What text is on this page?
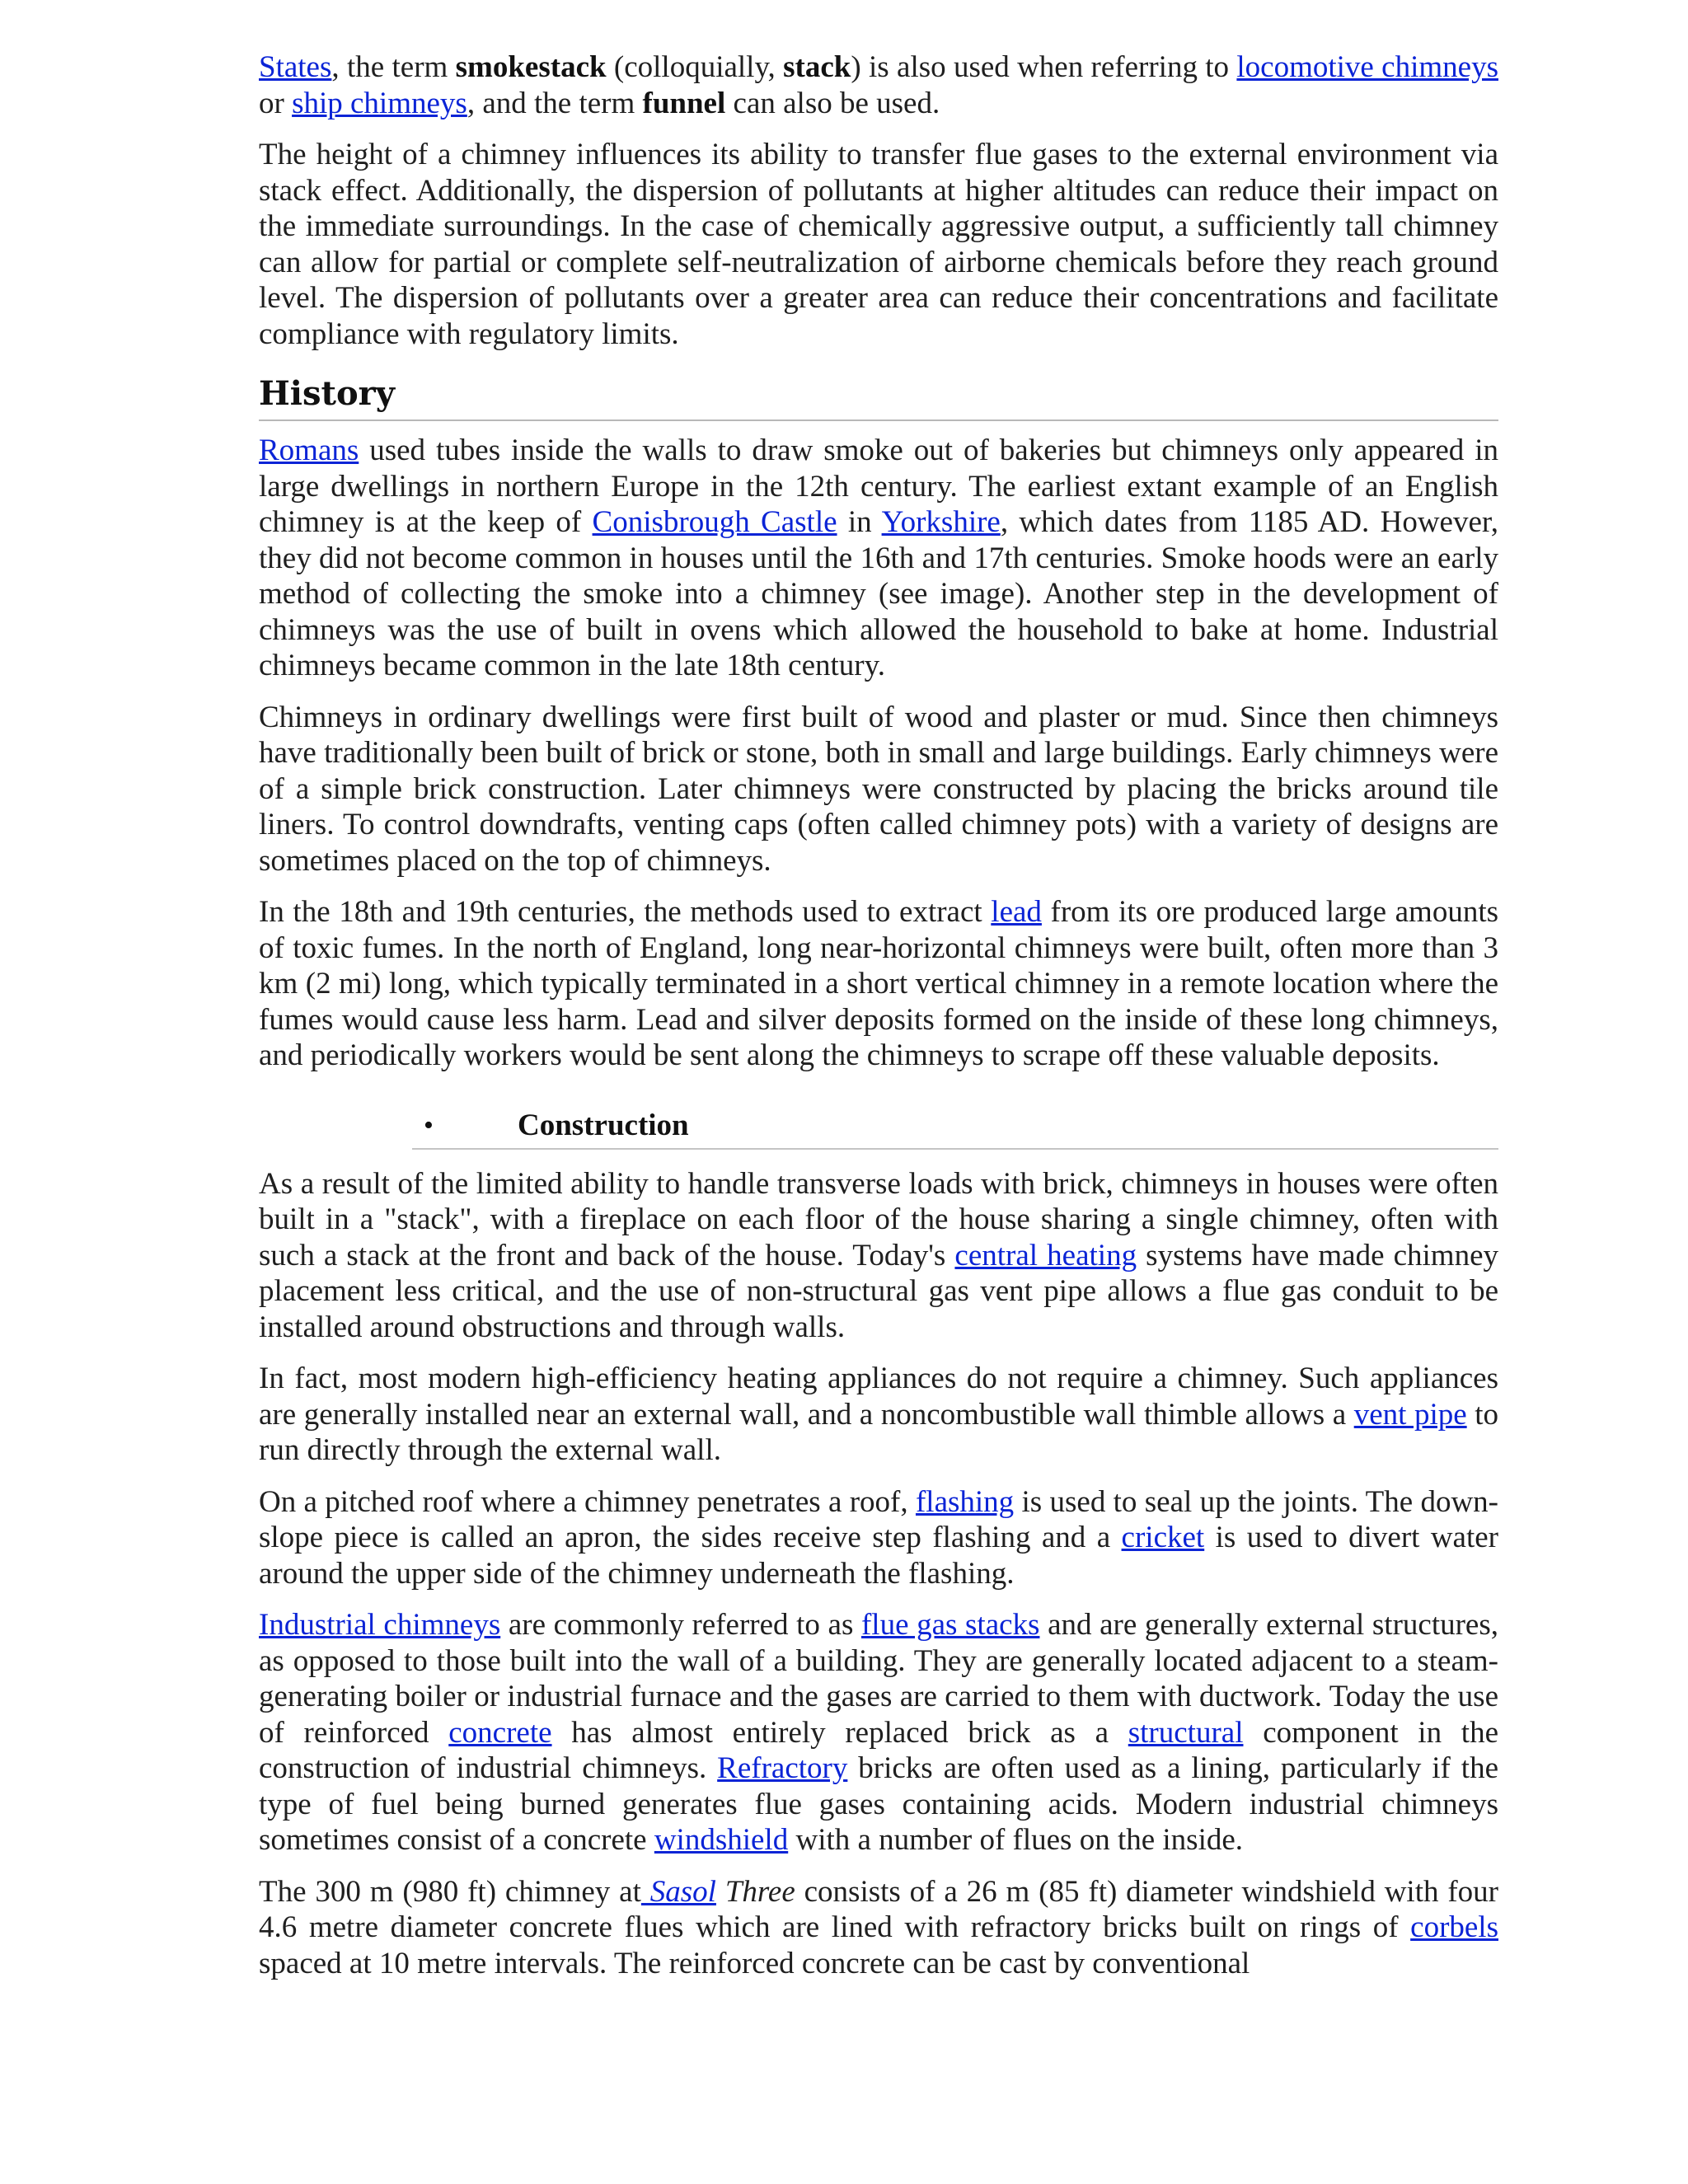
States, the term smokestack (colloquially, stack) is also used when referring to locomotive chimneys or ship chimneys, and the term funnel can also be used.

The height of a chimney influences its ability to transfer flue gases to the external environment via stack effect. Additionally, the dispersion of pollutants at higher altitudes can reduce their impact on the immediate surroundings. In the case of chemically aggressive output, a sufficiently tall chimney can allow for partial or complete self-neutralization of airborne chemicals before they reach ground level. The dispersion of pollutants over a greater area can reduce their concentrations and facilitate compliance with regulatory limits.

History

Romans used tubes inside the walls to draw smoke out of bakeries but chimneys only appeared in large dwellings in northern Europe in the 12th century. The earliest extant example of an English chimney is at the keep of Conisbrough Castle in Yorkshire, which dates from 1185 AD. However, they did not become common in houses until the 16th and 17th centuries. Smoke hoods were an early method of collecting the smoke into a chimney (see image). Another step in the development of chimneys was the use of built in ovens which allowed the household to bake at home. Industrial chimneys became common in the late 18th century.

Chimneys in ordinary dwellings were first built of wood and plaster or mud. Since then chimneys have traditionally been built of brick or stone, both in small and large buildings. Early chimneys were of a simple brick construction. Later chimneys were constructed by placing the bricks around tile liners. To control downdrafts, venting caps (often called chimney pots) with a variety of designs are sometimes placed on the top of chimneys.

In the 18th and 19th centuries, the methods used to extract lead from its ore produced large amounts of toxic fumes. In the north of England, long near-horizontal chimneys were built, often more than 3 km (2 mi) long, which typically terminated in a short vertical chimney in a remote location where the fumes would cause less harm. Lead and silver deposits formed on the inside of these long chimneys, and periodically workers would be sent along the chimneys to scrape off these valuable deposits.

•	Construction

As a result of the limited ability to handle transverse loads with brick, chimneys in houses were often built in a "stack", with a fireplace on each floor of the house sharing a single chimney, often with such a stack at the front and back of the house. Today's central heating systems have made chimney placement less critical, and the use of non-structural gas vent pipe allows a flue gas conduit to be installed around obstructions and through walls.

In fact, most modern high-efficiency heating appliances do not require a chimney. Such appliances are generally installed near an external wall, and a noncombustible wall thimble allows a vent pipe to run directly through the external wall.

On a pitched roof where a chimney penetrates a roof, flashing is used to seal up the joints. The down-slope piece is called an apron, the sides receive step flashing and a cricket is used to divert water around the upper side of the chimney underneath the flashing.

Industrial chimneys are commonly referred to as flue gas stacks and are generally external structures, as opposed to those built into the wall of a building. They are generally located adjacent to a steam-generating boiler or industrial furnace and the gases are carried to them with ductwork. Today the use of reinforced concrete has almost entirely replaced brick as a structural component in the construction of industrial chimneys. Refractory bricks are often used as a lining, particularly if the type of fuel being burned generates flue gases containing acids. Modern industrial chimneys sometimes consist of a concrete windshield with a number of flues on the inside.

The 300 m (980 ft) chimney at Sasol Three consists of a 26 m (85 ft) diameter windshield with four 4.6 metre diameter concrete flues which are lined with refractory bricks built on rings of corbels spaced at 10 metre intervals. The reinforced concrete can be cast by conventional
